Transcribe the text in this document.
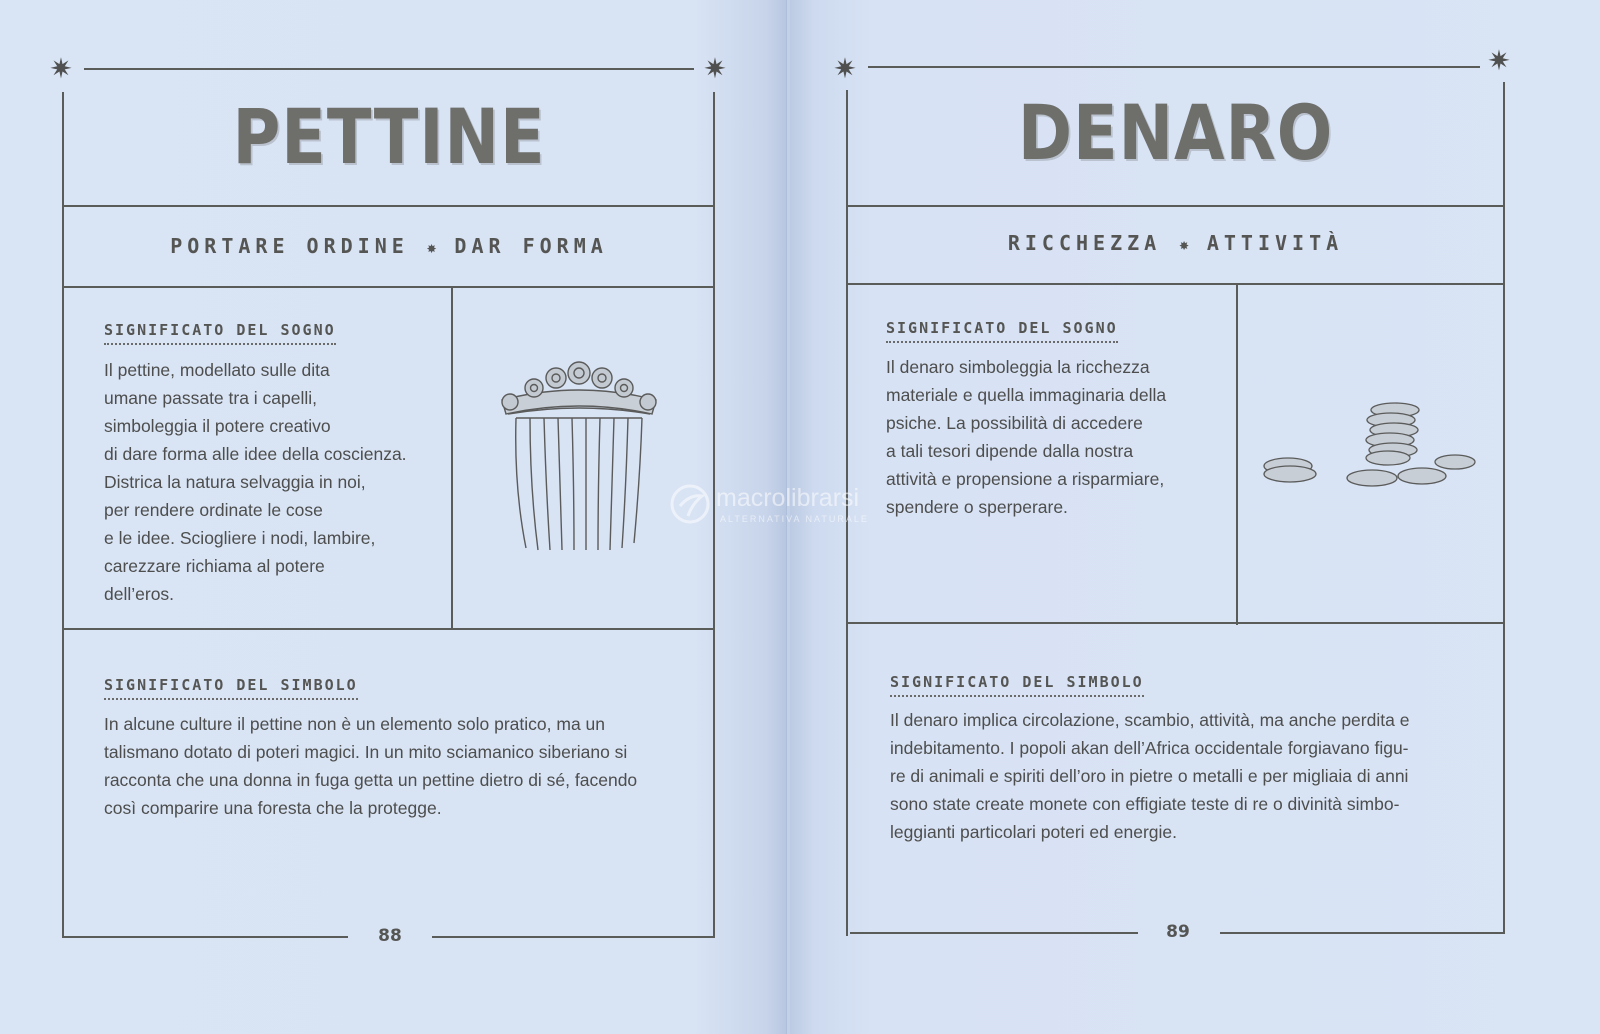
✷	✷
PETTINE
PORTARE ORDINE ✸ DAR FORMA
SIGNIFICATO DEL SOGNO

Il pettine, modellato sulle dita
umane passate tra i capelli,
simboleggia il potere creativo
di dare forma alle idee della coscienza.
Districa la natura selvaggia in noi,
per rendere ordinate le cose
e le idee. Sciogliere i nodi, lambire,
carezzare richiama al potere
dell’eros.

SIGNIFICATO DEL SIMBOLO

In alcune culture il pettine non è un elemento solo pratico, ma un
talismano dotato di poteri magici. In un mito sciamanico siberiano si
racconta che una donna in fuga getta un pettine dietro di sé, facendo
così comparire una foresta che la protegge.

88
✷	✷
DENARO
RICCHEZZA ✸ ATTIVITÀ
SIGNIFICATO DEL SOGNO

Il denaro simboleggia la ricchezza
materiale e quella immaginaria della
psiche. La possibilità di accedere
a tali tesori dipende dalla nostra
attività e propensione a risparmiare,
spendere o sperperare.

SIGNIFICATO DEL SIMBOLO

Il denaro implica circolazione, scambio, attività, ma anche perdita e
indebitamento. I popoli akan dell’Africa occidentale forgiavano figu-
re di animali e spiriti dell’oro in pietre o metalli e per migliaia di anni
sono state create monete con effigiate teste di re o divinità simbo-
leggianti particolari poteri ed energie.

89
macrolibrarsi
ALTERNATIVA NATURALE
